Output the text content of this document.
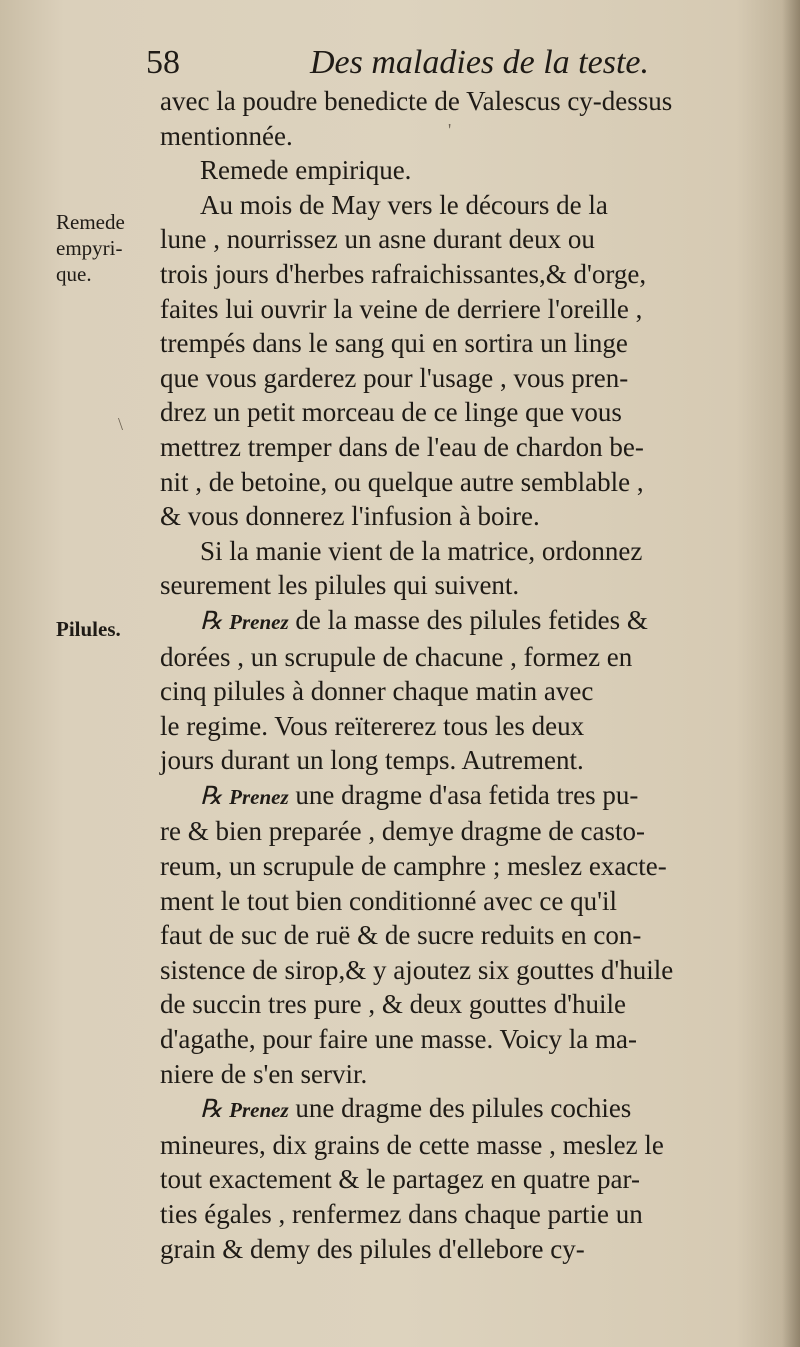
58	Des maladies de la teste.
Remede
empyri-
que.
Pilules.
\
'
avec la poudre benedicte de Valescus cy-dessus
mentionnée.
Remede empirique.
Au mois de May vers le décours de la
lune , nourrissez un asne durant deux ou
trois jours d'herbes rafraichissantes,& d'orge,
faites lui ouvrir la veine de derriere l'oreille ,
trempés dans le sang qui en sortira un linge
que vous garderez pour l'usage , vous pren-
drez un petit morceau de ce linge que vous
mettrez tremper dans de l'eau de chardon be-
nit , de betoine, ou quelque autre semblable ,
& vous donnerez l'infusion à boire.
Si la manie vient de la matrice, ordonnez
seurement les pilules qui suivent.
℞ Prenez de la masse des pilules fetides &
dorées , un scrupule de chacune , formez en
cinq pilules à donner chaque matin avec
le regime. Vous reïtererez tous les deux
jours durant un long temps. Autrement.
℞ Prenez une dragme d'asa fetida tres pu-
re & bien preparée , demye dragme de casto-
reum, un scrupule de camphre ; meslez exacte-
ment le tout bien conditionné avec ce qu'il
faut de suc de ruë & de sucre reduits en con-
sistence de sirop,& y ajoutez six gouttes d'huile
de succin tres pure , & deux gouttes d'huile
d'agathe, pour faire une masse. Voicy la ma-
niere de s'en servir.
℞ Prenez une dragme des pilules cochies
mineures, dix grains de cette masse , meslez le
tout exactement & le partagez en quatre par-
ties égales , renfermez dans chaque partie un
grain & demy des pilules d'ellebore cy-
